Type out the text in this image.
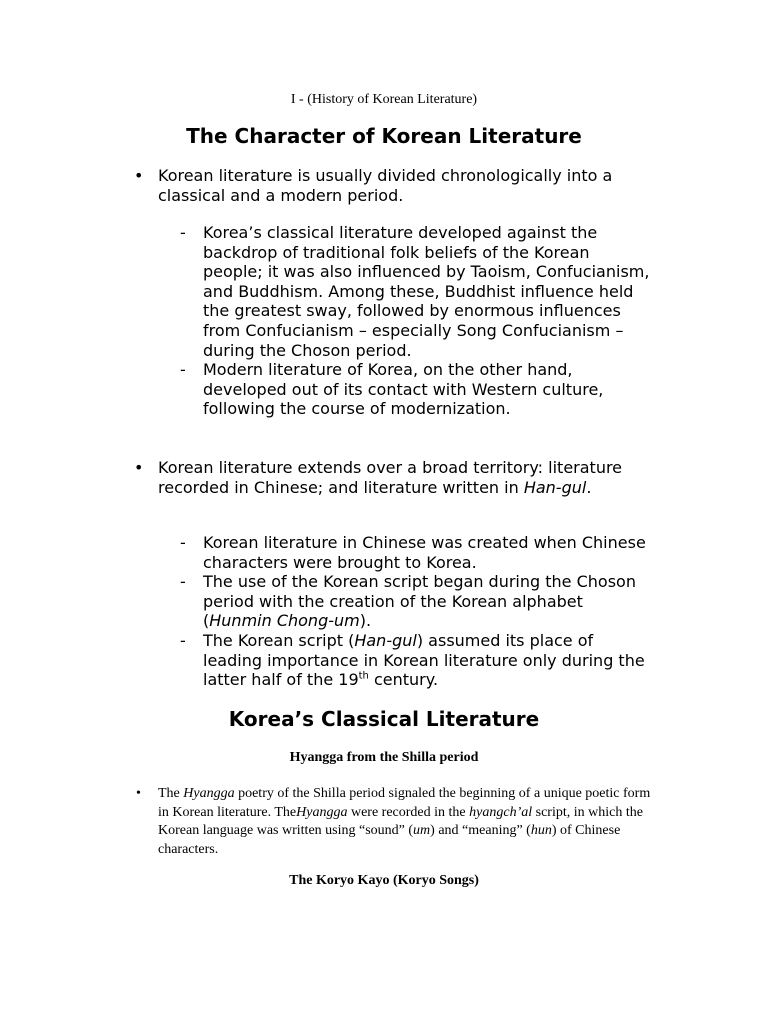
I - (History of Korean Literature)
The Character of Korean Literature
• Korean literature is usually divided chronologically into a classical and a modern period.
- Korea’s classical literature developed against the backdrop of traditional folk beliefs of the Korean people; it was also influenced by Taoism, Confucianism, and Buddhism. Among these, Buddhist influence held the greatest sway, followed by enormous influences from Confucianism – especially Song Confucianism – during the Choson period.
- Modern literature of Korea, on the other hand, developed out of its contact with Western culture, following the course of modernization.
• Korean literature extends over a broad territory: literature recorded in Chinese; and literature written in Han-gul.
- Korean literature in Chinese was created when Chinese characters were brought to Korea.
- The use of the Korean script began during the Choson period with the creation of the Korean alphabet (Hunmin Chong-um).
- The Korean script (Han-gul) assumed its place of leading importance in Korean literature only during the latter half of the 19th century.
Korea’s Classical Literature
Hyangga from the Shilla period
• The Hyangga poetry of the Shilla period signaled the beginning of a unique poetic form in Korean literature. TheHyangga were recorded in the hyangch’al script, in which the Korean language was written using “sound” (um) and “meaning” (hun) of Chinese characters.
The Koryo Kayo (Koryo Songs)
